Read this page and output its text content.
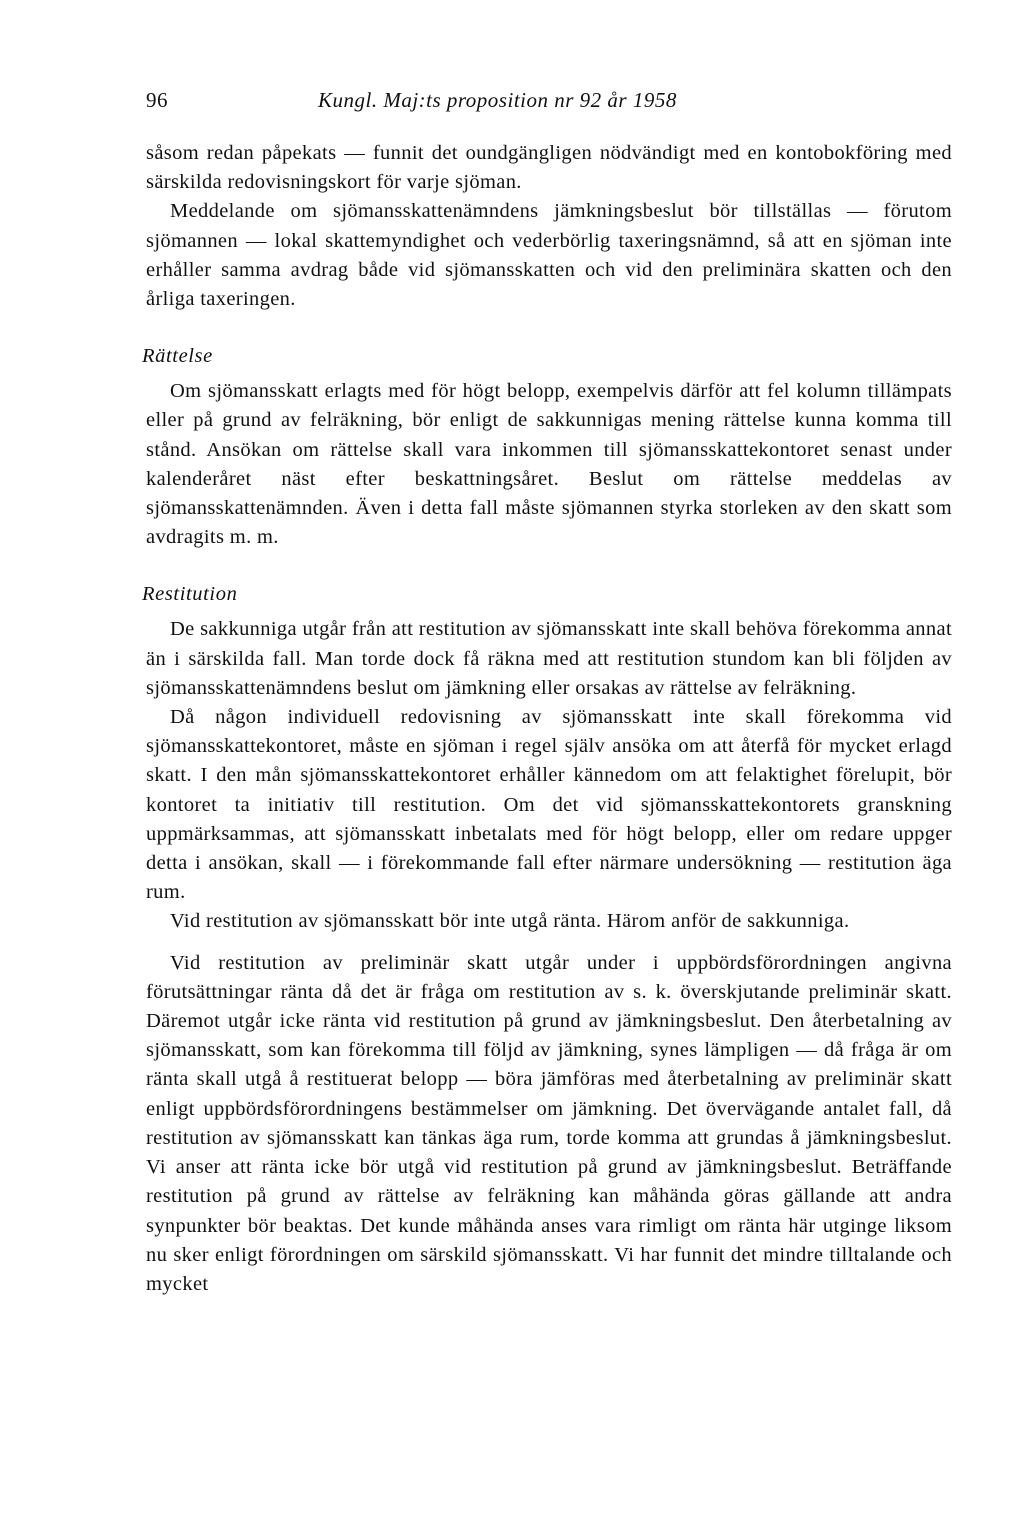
96	Kungl. Maj:ts proposition nr 92 år 1958

såsom redan påpekats — funnit det oundgängligen nödvändigt med en kontobokföring med särskilda redovisningskort för varje sjöman.

Meddelande om sjömansskattenämndens jämkningsbeslut bör tillställas — förutom sjömannen — lokal skattemyndighet och vederbörlig taxeringsnämnd, så att en sjöman inte erhåller samma avdrag både vid sjömansskatten och vid den preliminära skatten och den årliga taxeringen.

Rättelse

Om sjömansskatt erlagts med för högt belopp, exempelvis därför att fel kolumn tillämpats eller på grund av felräkning, bör enligt de sakkunnigas mening rättelse kunna komma till stånd. Ansökan om rättelse skall vara inkommen till sjömansskattekontoret senast under kalenderåret näst efter beskattningsåret. Beslut om rättelse meddelas av sjömansskattenämnden. Även i detta fall måste sjömannen styrka storleken av den skatt som avdragits m. m.

Restitution

De sakkunniga utgår från att restitution av sjömansskatt inte skall behöva förekomma annat än i särskilda fall. Man torde dock få räkna med att restitution stundom kan bli följden av sjömansskattenämndens beslut om jämkning eller orsakas av rättelse av felräkning.

Då någon individuell redovisning av sjömansskatt inte skall förekomma vid sjömansskattekontoret, måste en sjöman i regel själv ansöka om att återfå för mycket erlagd skatt. I den mån sjömansskattekontoret erhåller kännedom om att felaktighet förelupit, bör kontoret ta initiativ till restitution. Om det vid sjömansskattekontorets granskning uppmärksammas, att sjömansskatt inbetalats med för högt belopp, eller om redare uppger detta i ansökan, skall — i förekommande fall efter närmare undersökning — restitution äga rum.

Vid restitution av sjömansskatt bör inte utgå ränta. Härom anför de sakkunniga.

Vid restitution av preliminär skatt utgår under i uppbördsförordningen angivna förutsättningar ränta då det är fråga om restitution av s. k. överskjutande preliminär skatt. Däremot utgår icke ränta vid restitution på grund av jämkningsbeslut. Den återbetalning av sjömansskatt, som kan förekomma till följd av jämkning, synes lämpligen — då fråga är om ränta skall utgå å restituerat belopp — böra jämföras med återbetalning av preliminär skatt enligt uppbördsförordningens bestämmelser om jämkning. Det övervägande antalet fall, då restitution av sjömansskatt kan tänkas äga rum, torde komma att grundas å jämkningsbeslut. Vi anser att ränta icke bör utgå vid restitution på grund av jämkningsbeslut. Beträffande restitution på grund av rättelse av felräkning kan måhända göras gällande att andra synpunkter bör beaktas. Det kunde måhända anses vara rimligt om ränta här utginge liksom nu sker enligt förordningen om särskild sjömansskatt. Vi har funnit det mindre tilltalande och mycket
